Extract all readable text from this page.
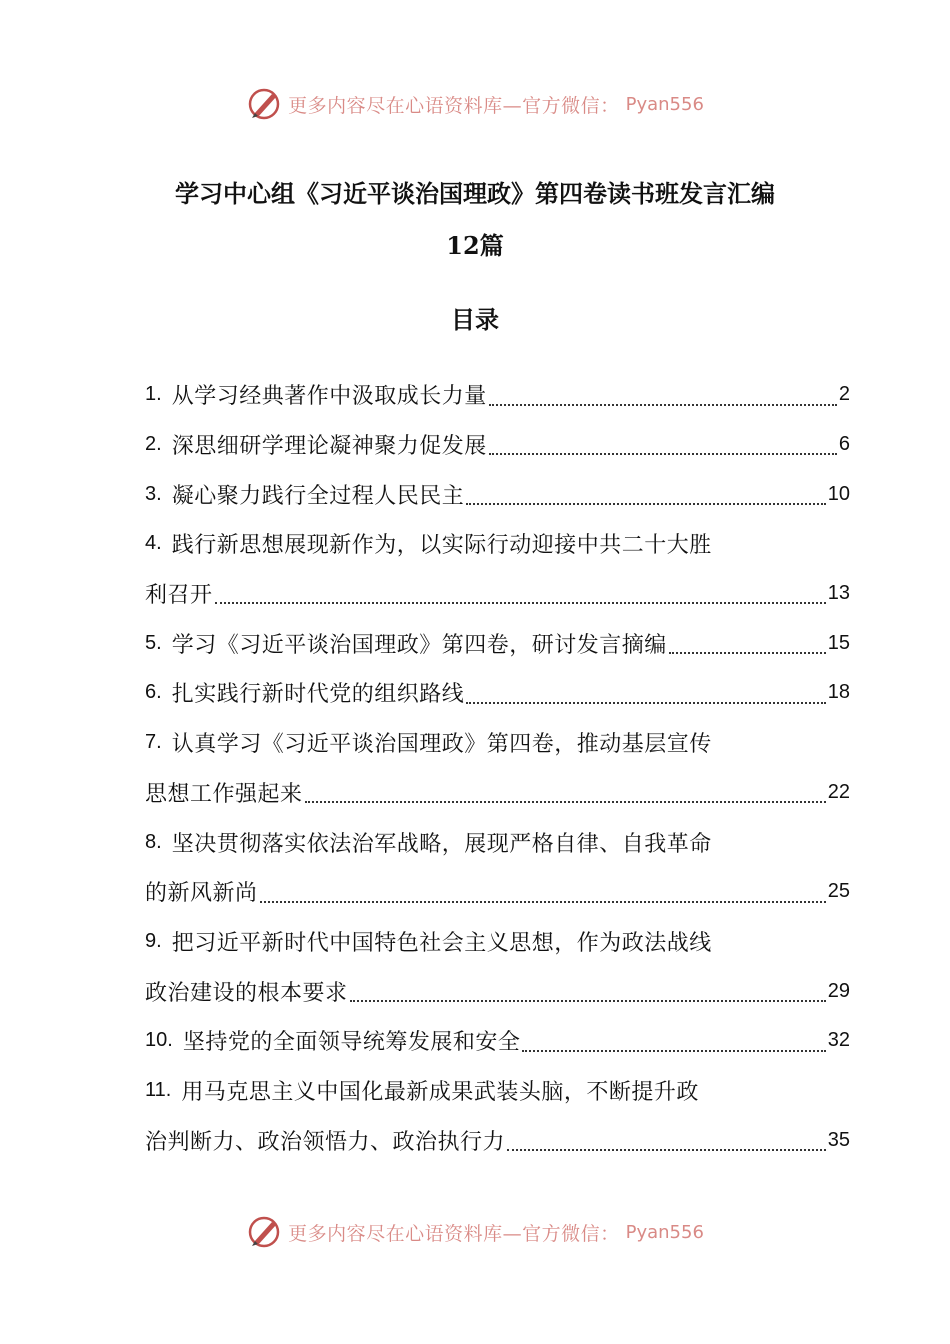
更多内容尽在心语资料库—官方微信： Pyan556
学习中心组《习近平谈治国理政》第四卷读书班发言汇编
12篇
目录
1. 从学习经典著作中汲取成长力量	2
2. 深思细研学理论凝神聚力促发展	6
3. 凝心聚力践行全过程人民民主	10
4. 践行新思想展现新作为，以实际行动迎接中共二十大胜
利召开	13
5. 学习《习近平谈治国理政》第四卷，研讨发言摘编	15
6. 扎实践行新时代党的组织路线	18
7. 认真学习《习近平谈治国理政》第四卷，推动基层宣传
思想工作强起来	22
8. 坚决贯彻落实依法治军战略，展现严格自律、自我革命
的新风新尚	25
9. 把习近平新时代中国特色社会主义思想，作为政法战线
政治建设的根本要求	29
10. 坚持党的全面领导统筹发展和安全	32
11. 用马克思主义中国化最新成果武装头脑，不断提升政
治判断力、政治领悟力、政治执行力	35
更多内容尽在心语资料库—官方微信： Pyan556
